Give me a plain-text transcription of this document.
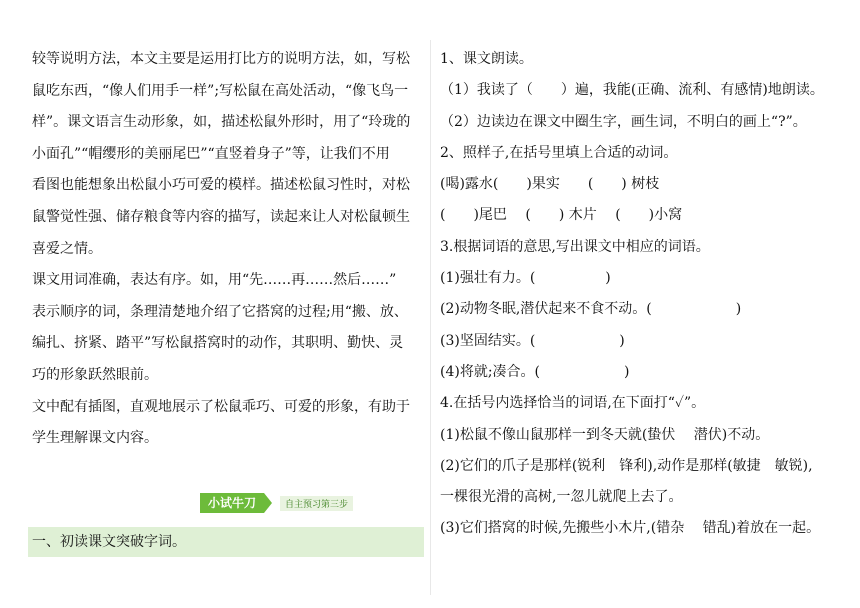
较等说明方法，本文主要是运用打比方的说明方法，如，写松
鼠吃东西，“像人们用手一样”;写松鼠在高处活动，“像飞鸟一
样”。课文语言生动形象，如，描述松鼠外形时，用了“玲珑的
小面孔”“帽缨形的美丽尾巴”“直竖着身子”等，让我们不用
看图也能想象出松鼠小巧可爱的模样。描述松鼠习性时，对松
鼠警觉性强、储存粮食等内容的描写，读起来让人对松鼠顿生
喜爱之情。
课文用词准确，表达有序。如，用“先……再……然后……”
表示顺序的词，条理清楚地介绍了它搭窝的过程;用“搬、放、
编扎、挤紧、踏平”写松鼠搭窝时的动作，其职明、勤快、灵
巧的形象跃然眼前。
文中配有插图，直观地展示了松鼠乖巧、可爱的形象，有助于
学生理解课文内容。
小试牛刀	自主预习第三步
一、初读课文突破字词。
1、课文朗读。
（1）我读了（　　）遍，我能(正确、流利、有感情)地朗读。
（2）边读边在课文中圈生字，画生词，不明白的画上“?”。
2、照样子,在括号里填上合适的动词。
(喝)露水(　　)果实　　(　　) 树枝
(　　)尾巴　 (　　) 木片　 (　　)小窝
3.根据词语的意思,写出课文中相应的词语。
(1)强壮有力。(　　　　　)
(2)动物冬眠,潜伏起来不食不动。(　　　　　　)
(3)坚固结实。(　　　　　　)
(4)将就;凑合。(　　　　　　)
4.在括号内选择恰当的词语,在下面打“✓”。
(1)松鼠不像山鼠那样一到冬天就(蛰伏　 潜伏)不动。
(2)它们的爪子是那样(锐利　锋利),动作是那样(敏捷　敏锐),
一棵很光滑的高树,一忽儿就爬上去了。
(3)它们搭窝的时候,先搬些小木片,(错杂　 错乱)着放在一起。
